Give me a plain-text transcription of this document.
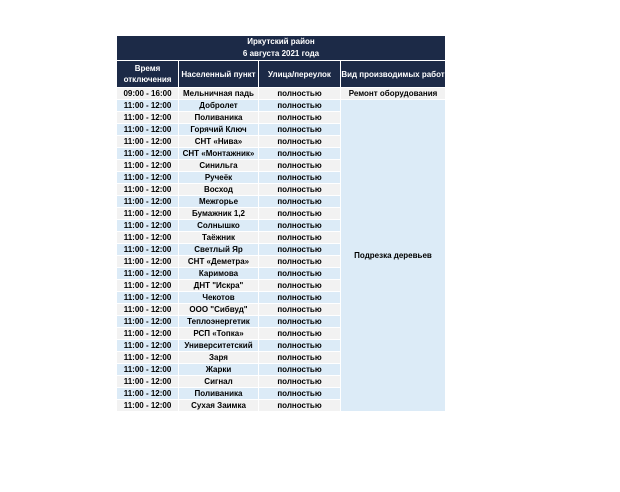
Иркутский район
6 августа 2021 года			

Время отключения	Населенный пункт	Улица/переулок	Вид производимых работ
09:00 - 16:00	Мельничная падь	полностью	Ремонт оборудования
11:00 - 12:00	Добролет	полностью	Подрезка деревьев
11:00 - 12:00	Поливаника	полностью	
11:00 - 12:00	Горячий Ключ	полностью	
11:00 - 12:00	СНТ «Нива»	полностью	
11:00 - 12:00	СНТ «Монтажник»	полностью	
11:00 - 12:00	Синильга	полностью	
11:00 - 12:00	Ручеёк	полностью	
11:00 - 12:00	Восход	полностью	
11:00 - 12:00	Межгорье	полностью	
11:00 - 12:00	Бумажник 1,2	полностью	
11:00 - 12:00	Солнышко	полностью	
11:00 - 12:00	Таёжник	полностью	
11:00 - 12:00	Светлый Яр	полностью	
11:00 - 12:00	СНТ «Деметра»	полностью	
11:00 - 12:00	Каримова	полностью	
11:00 - 12:00	ДНТ "Искра"	полностью	
11:00 - 12:00	Чекотов	полностью	
11:00 - 12:00	ООО "Сибвуд"	полностью	
11:00 - 12:00	Теплоэнергетик	полностью	
11:00 - 12:00	РСП «Топка»	полностью	
11:00 - 12:00	Университетский	полностью	
11:00 - 12:00	Заря	полностью	
11:00 - 12:00	Жарки	полностью	
11:00 - 12:00	Сигнал	полностью	
11:00 - 12:00	Поливаника	полностью	
11:00 - 12:00	Сухая Заимка	полностью	
